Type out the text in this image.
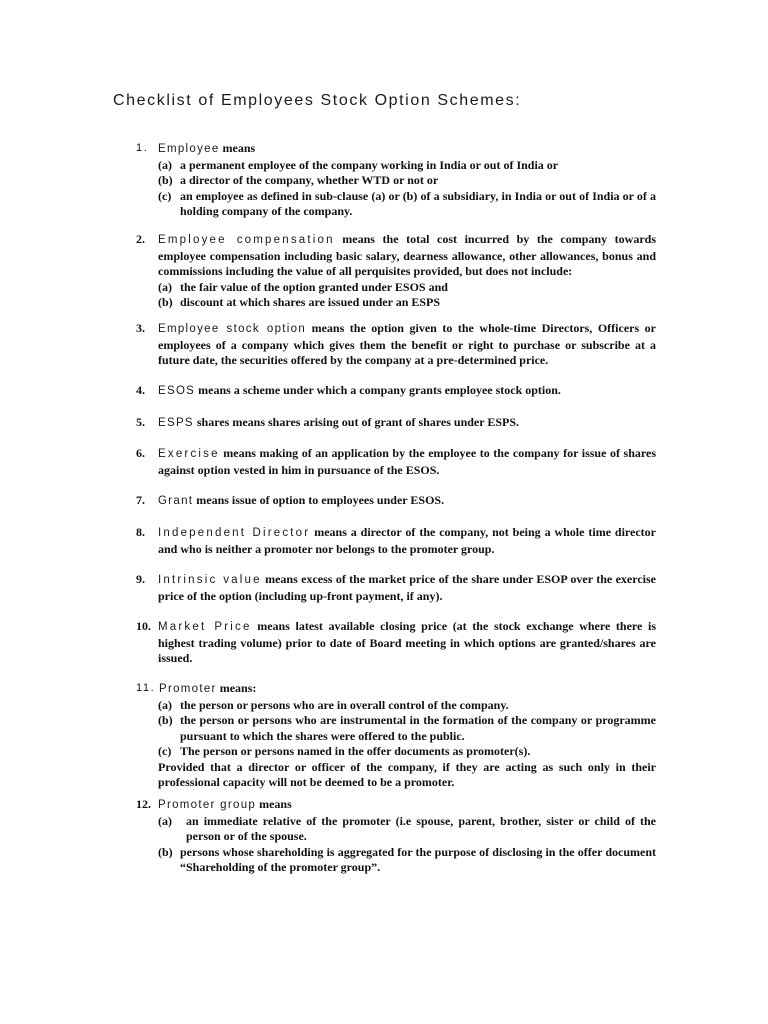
Checklist of Employees Stock Option Schemes:
1. Employee means
(a) a permanent employee of the company working in India or out of India or
(b) a director of the company, whether WTD or not or
(c) an employee as defined in sub-clause (a) or (b) of a subsidiary, in India or out of India or of a holding company of the company.
2. Employee compensation means the total cost incurred by the company towards employee compensation including basic salary, dearness allowance, other allowances, bonus and commissions including the value of all perquisites provided, but does not include:
(a) the fair value of the option granted under ESOS and
(b) discount at which shares are issued under an ESPS
3. Employee stock option means the option given to the whole-time Directors, Officers or employees of a company which gives them the benefit or right to purchase or subscribe at a future date, the securities offered by the company at a pre-determined price.
4. ESOS means a scheme under which a company grants employee stock option.
5. ESPS shares means shares arising out of grant of shares under ESPS.
6. Exercise means making of an application by the employee to the company for issue of shares against option vested in him in pursuance of the ESOS.
7. Grant means issue of option to employees under ESOS.
8. Independent Director means a director of the company, not being a whole time director and who is neither a promoter nor belongs to the promoter group.
9. Intrinsic value means excess of the market price of the share under ESOP over the exercise price of the option (including up-front payment, if any).
10. Market Price means latest available closing price (at the stock exchange where there is highest trading volume) prior to date of Board meeting in which options are granted/shares are issued.
11. Promoter means:
(a) the person or persons who are in overall control of the company.
(b) the person or persons who are instrumental in the formation of the company or programme pursuant to which the shares were offered to the public.
(c) The person or persons named in the offer documents as promoter(s).
Provided that a director or officer of the company, if they are acting as such only in their professional capacity will not be deemed to be a promoter.
12. Promoter group means
(a) an immediate relative of the promoter (i.e spouse, parent, brother, sister or child of the person or of the spouse.
(b) persons whose shareholding is aggregated for the purpose of disclosing in the offer document “Shareholding of the promoter group”.
